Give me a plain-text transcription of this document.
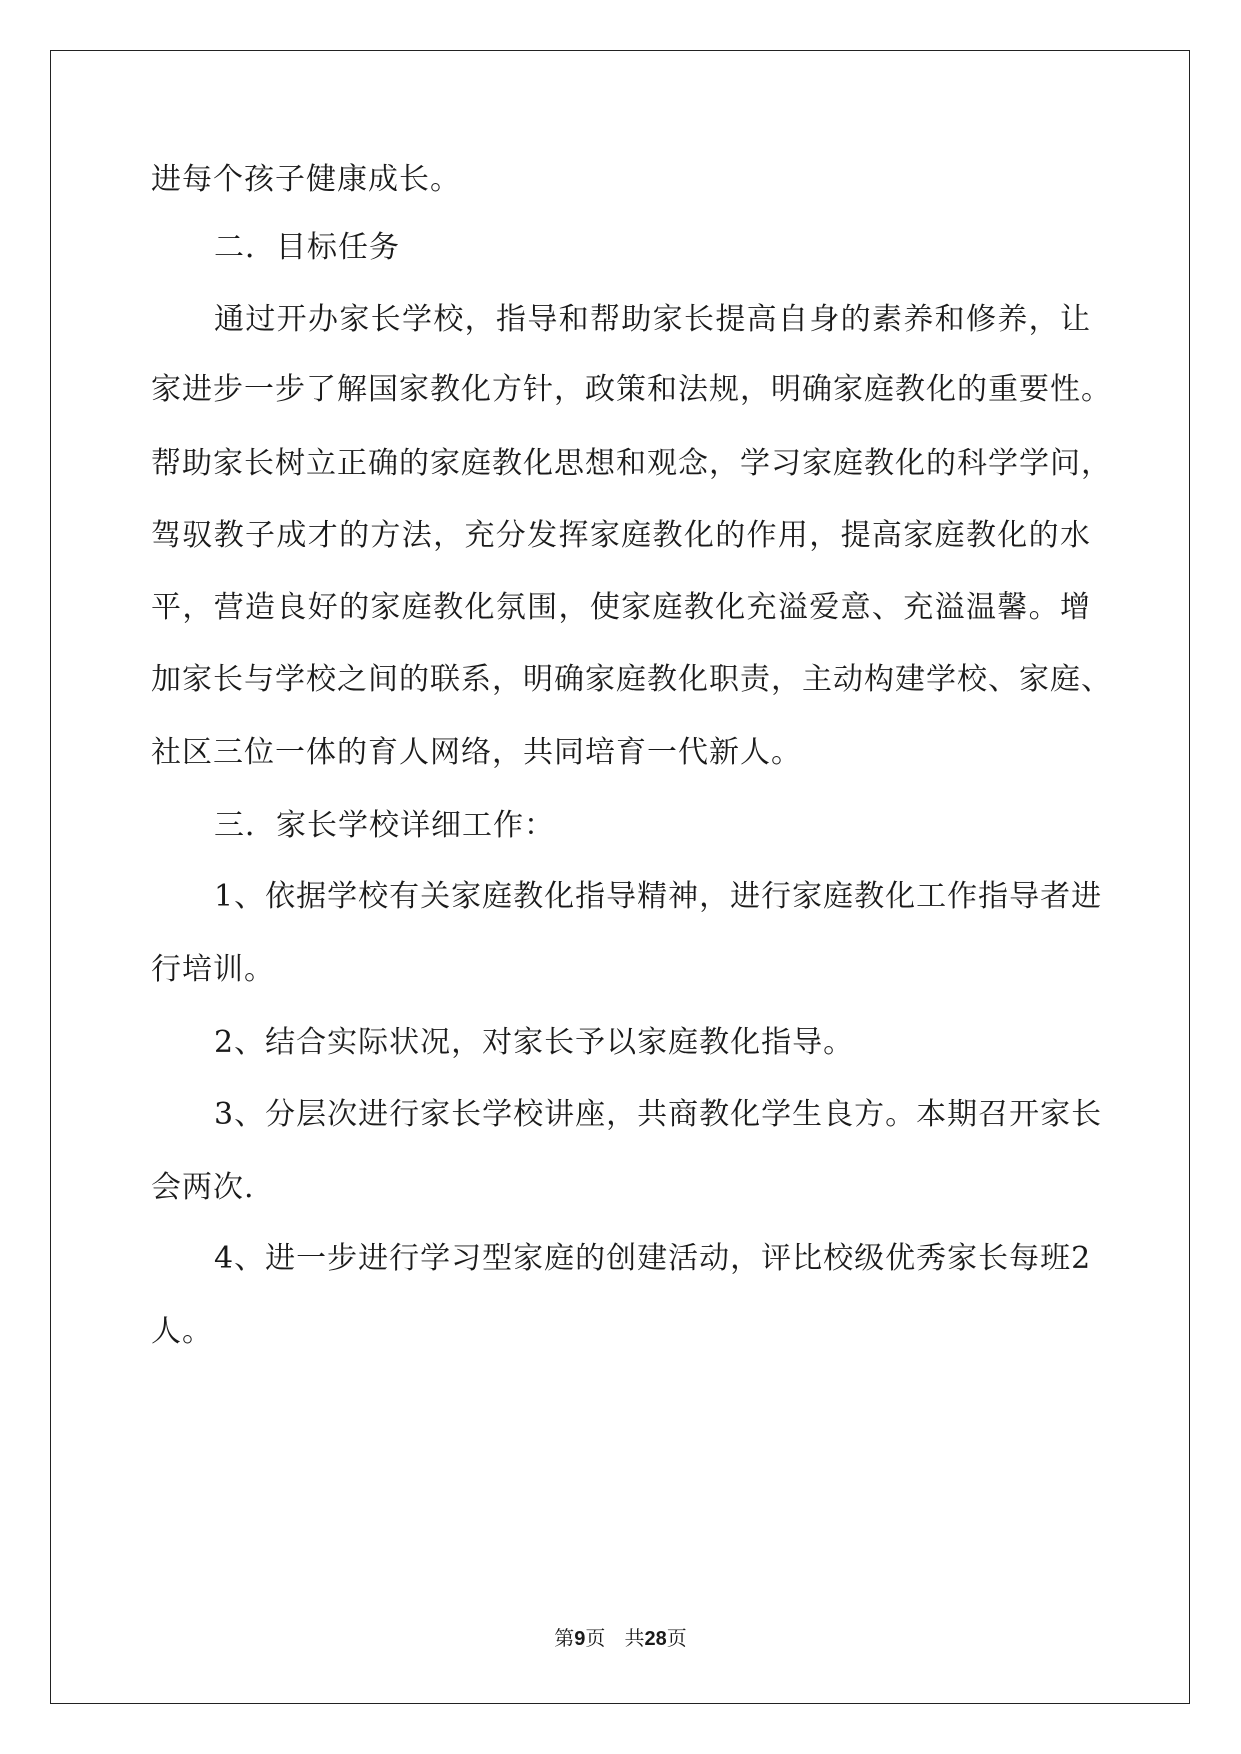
进每个孩子健康成长。
二．目标任务
通过开办家长学校，指导和帮助家长提高自身的素养和修养，让
家进步一步了解国家教化方针，政策和法规，明确家庭教化的重要性。
帮助家长树立正确的家庭教化思想和观念，学习家庭教化的科学学问，
驾驭教子成才的方法，充分发挥家庭教化的作用，提高家庭教化的水
平，营造良好的家庭教化氛围，使家庭教化充溢爱意、充溢温馨。增
加家长与学校之间的联系，明确家庭教化职责，主动构建学校、家庭、
社区三位一体的育人网络，共同培育一代新人。
三．家长学校详细工作：
1、依据学校有关家庭教化指导精神，进行家庭教化工作指导者进
行培训。
2、结合实际状况，对家长予以家庭教化指导。
3、分层次进行家长学校讲座，共商教化学生良方。本期召开家长
会两次.
4、进一步进行学习型家庭的创建活动，评比校级优秀家长每班2
人。
第9页 共28页
